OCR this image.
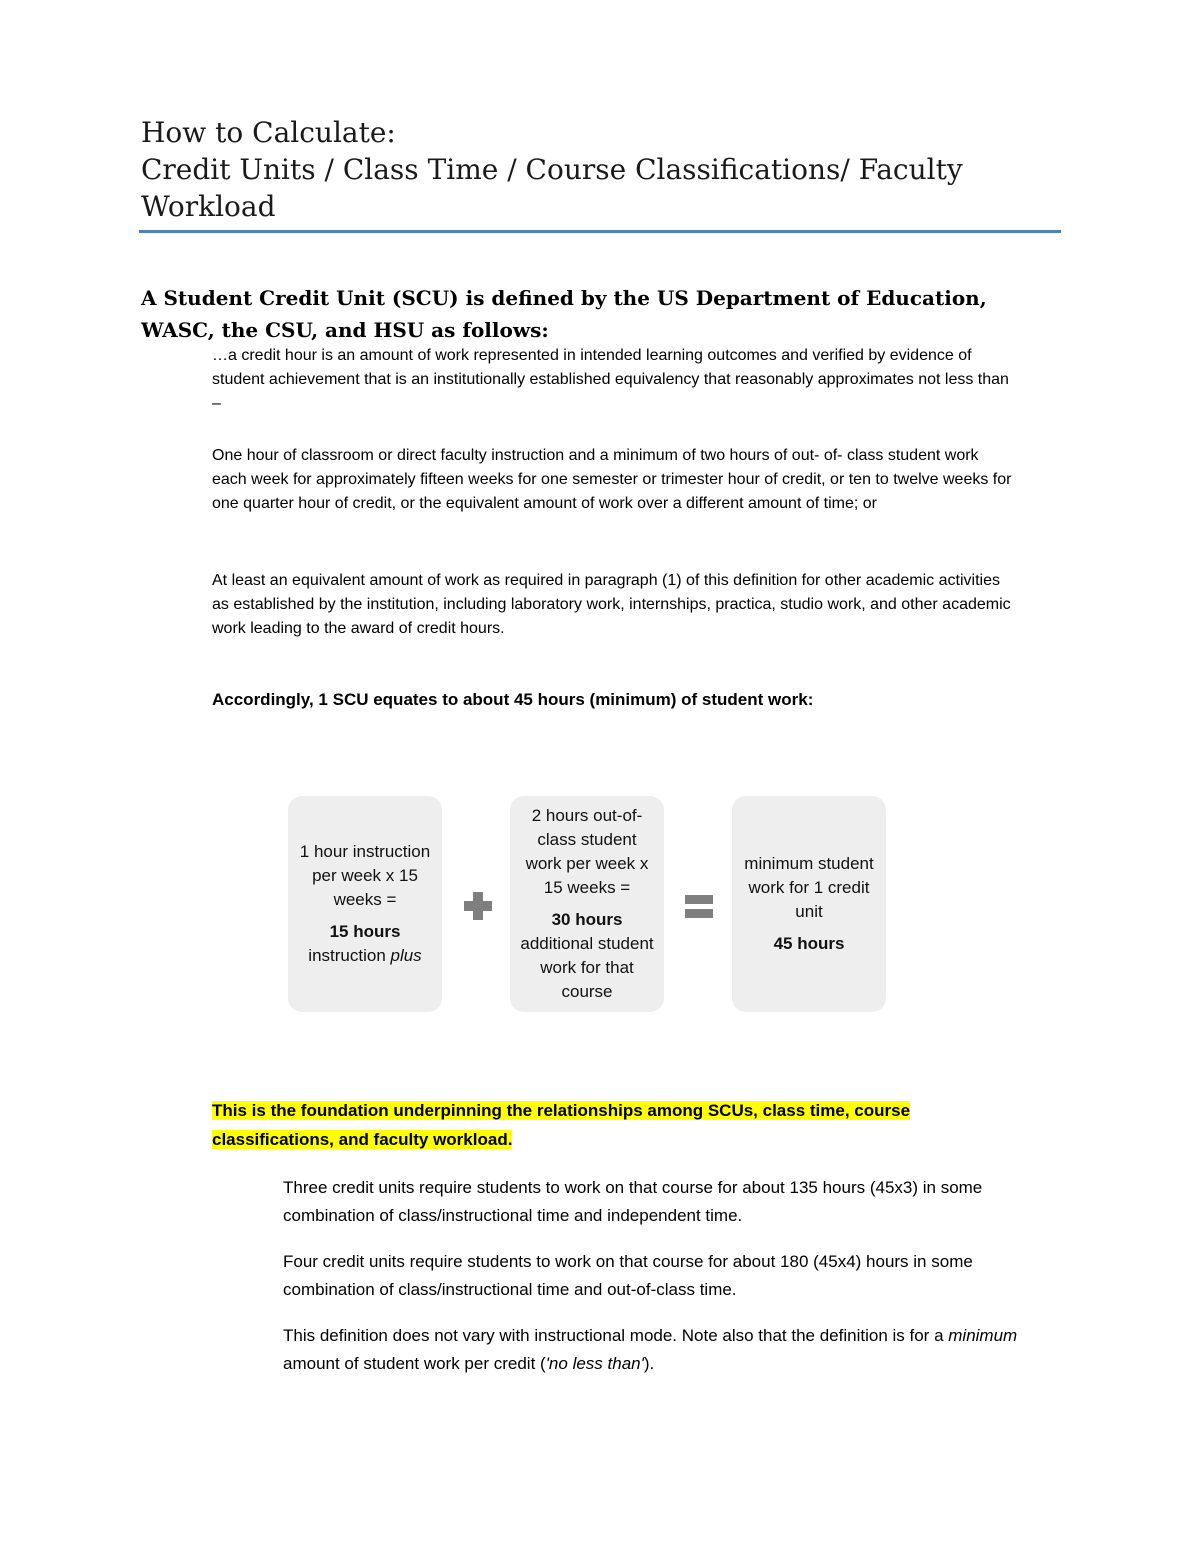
How to Calculate:
Credit Units / Class Time / Course Classifications/ Faculty
Workload
A Student Credit Unit (SCU) is defined by the US Department of Education, WASC, the CSU, and HSU as follows:

…a credit hour is an amount of work represented in intended learning outcomes and verified by evidence of student achievement that is an institutionally established equivalency that reasonably approximates not less than –

One hour of classroom or direct faculty instruction and a minimum of two hours of out- of- class student work each week for approximately fifteen weeks for one semester or trimester hour of credit, or ten to twelve weeks for one quarter hour of credit, or the equivalent amount of work over a different amount of time; or

At least an equivalent amount of work as required in paragraph (1) of this definition for other academic activities as established by the institution, including laboratory work, internships, practica, studio work, and other academic work leading to the award of credit hours.

Accordingly, 1 SCU equates to about 45 hours (minimum) of student work:

1 hour instruction per week x 15 weeks =
15 hours
instruction plus
2 hours out-of-class student work per week x 15 weeks =
30 hours
additional student work for that course
minimum student work for 1 credit unit
45 hours

This is the foundation underpinning the relationships among SCUs, class time, course classifications, and faculty workload.

Three credit units require students to work on that course for about 135 hours (45x3) in some combination of class/instructional time and independent time.

Four credit units require students to work on that course for about 180 (45x4) hours in some combination of class/instructional time and out-of-class time.

This definition does not vary with instructional mode. Note also that the definition is for a minimum amount of student work per credit ('no less than').
